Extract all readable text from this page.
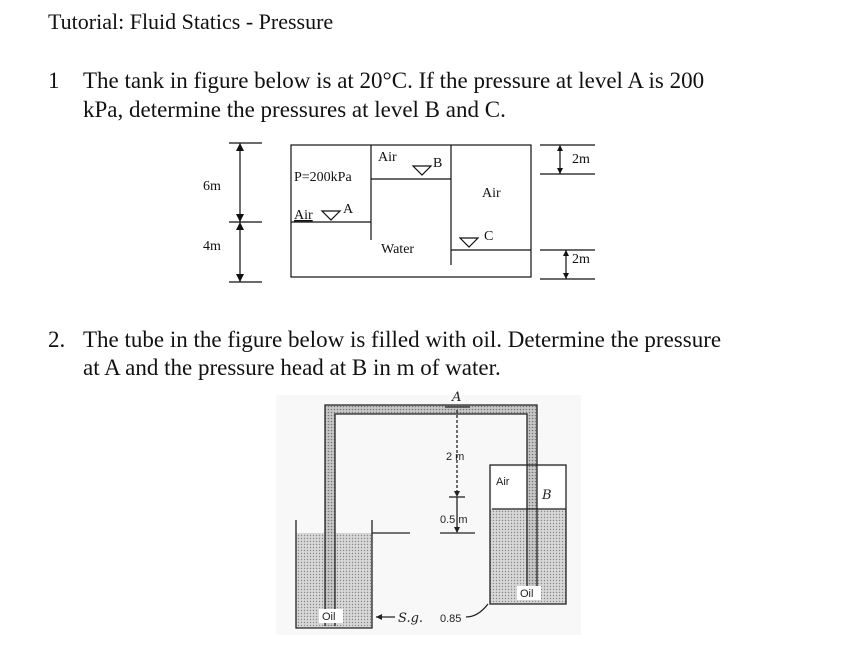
Tutorial: Fluid Statics - Pressure
1 The tank in figure below is at 20°C. If the pressure at level A is 200
kPa, determine the pressures at level B and C.
2. The tube in the figure below is filled with oil. Determine the pressure
at A and the pressure head at B in m of water.
6m
4m
2m
2m
P=200kPa
Air A
Air	B
Air
Water
C
A
2 m
Air
B
0.5 m
Oil
Oil
S.g. 0.85
